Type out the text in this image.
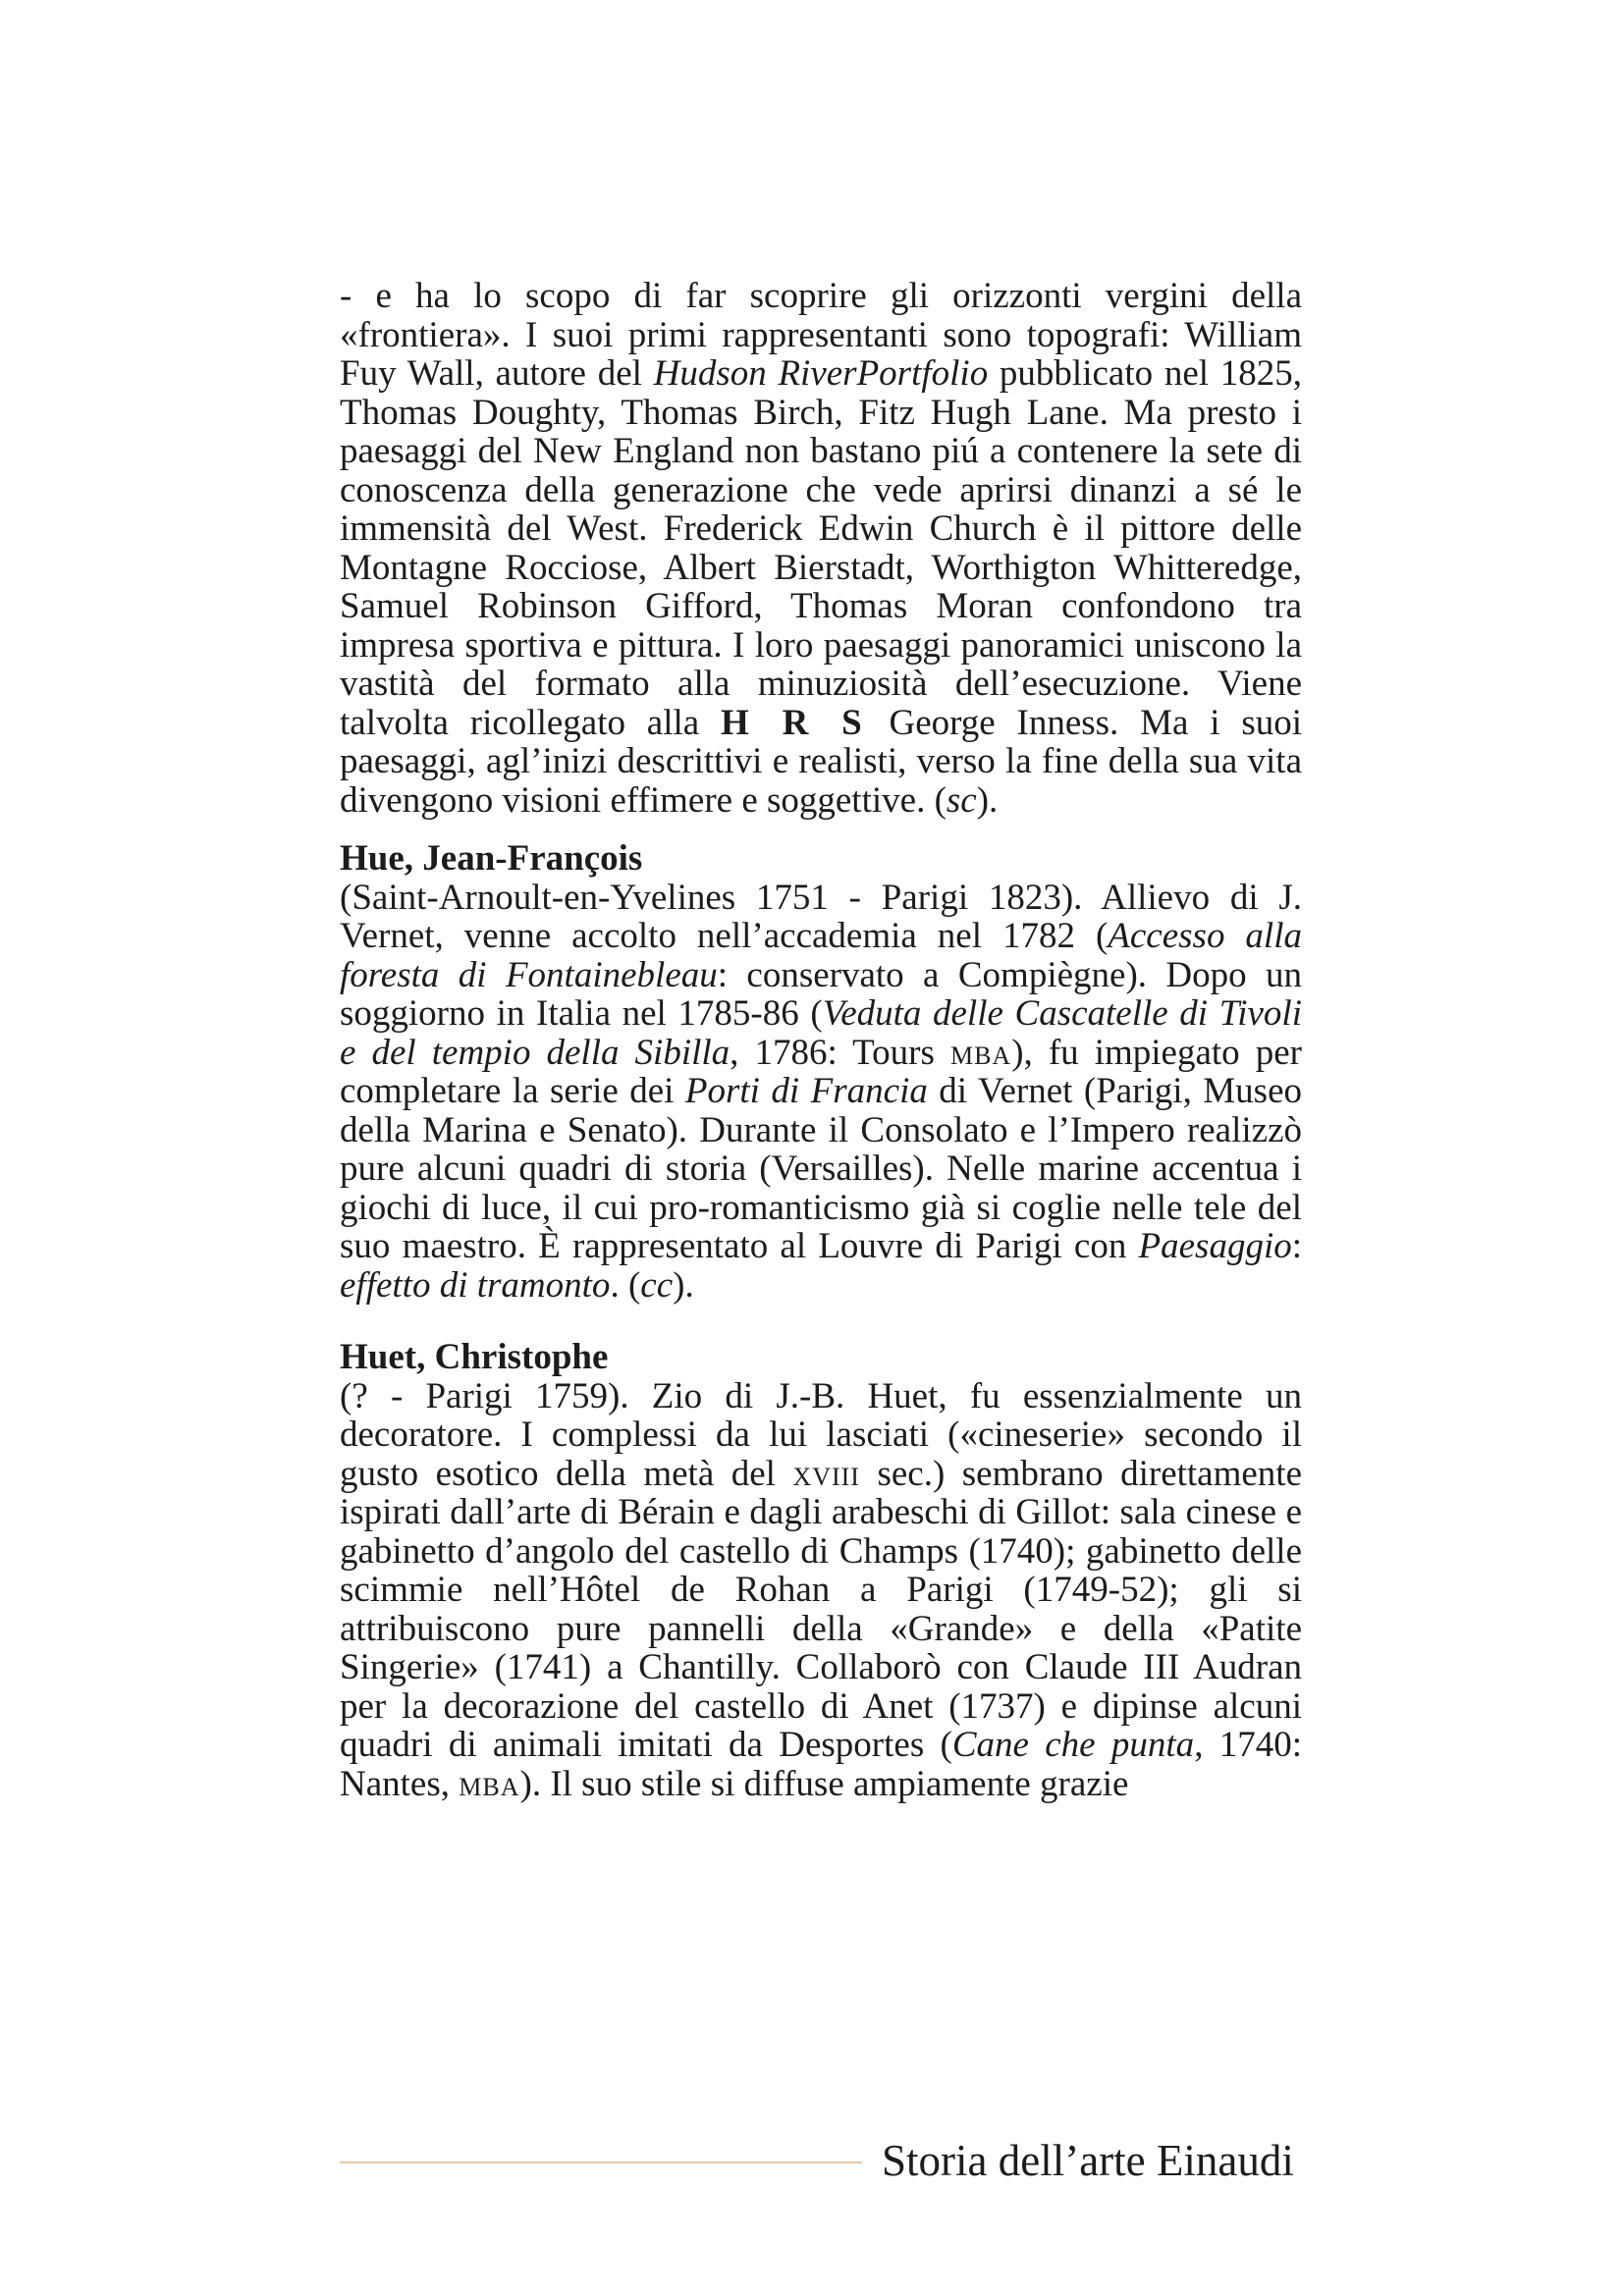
- e ha lo scopo di far scoprire gli orizzonti vergini della «frontiera». I suoi primi rappresentanti sono topografi: William Fuy Wall, autore del Hudson RiverPortfolio pubblicato nel 1825, Thomas Doughty, Thomas Birch, Fitz Hugh Lane. Ma presto i paesaggi del New England non bastano piú a contenere la sete di conoscenza della generazione che vede aprirsi dinanzi a sé le immensità del West. Frederick Edwin Church è il pittore delle Montagne Rocciose, Albert Bierstadt, Worthigton Whitteredge, Samuel Robinson Gifford, Thomas Moran confondono tra impresa sportiva e pittura. I loro paesaggi panoramici uniscono la vastità del formato alla minuziosità dell’esecuzione. Viene talvolta ricollegato alla H R S George Inness. Ma i suoi paesaggi, agl’inizi descrittivi e realisti, verso la fine della sua vita divengono visioni effimere e soggettive. (sc).

Hue, Jean-François

(Saint-Arnoult-en-Yvelines 1751 - Parigi 1823). Allievo di J. Vernet, venne accolto nell’accademia nel 1782 (Accesso alla foresta di Fontainebleau: conservato a Compiègne). Dopo un soggiorno in Italia nel 1785-86 (Veduta delle Cascatelle di Tivoli e del tempio della Sibilla, 1786: Tours mba), fu impiegato per completare la serie dei Porti di Francia di Vernet (Parigi, Museo della Marina e Senato). Durante il Consolato e l’Impero realizzò pure alcuni quadri di storia (Versailles). Nelle marine accentua i giochi di luce, il cui pro-romanticismo già si coglie nelle tele del suo maestro. È rappresentato al Louvre di Parigi con Paesaggio: effetto di tramonto. (cc).

Huet, Christophe

(? - Parigi 1759). Zio di J.-B. Huet, fu essenzialmente un decoratore. I complessi da lui lasciati («cineserie» secondo il gusto esotico della metà del xviii sec.) sembrano direttamente ispirati dall’arte di Bérain e dagli arabeschi di Gillot: sala cinese e gabinetto d’angolo del castello di Champs (1740); gabinetto delle scimmie nell’Hôtel de Rohan a Parigi (1749-52); gli si attribuiscono pure pannelli della «Grande» e della «Patite Singerie» (1741) a Chantilly. Collaborò con Claude III Audran per la decorazione del castello di Anet (1737) e dipinse alcuni quadri di animali imitati da Desportes (Cane che punta, 1740: Nantes, mba). Il suo stile si diffuse ampiamente grazie

Storia dell’arte Einaudi
